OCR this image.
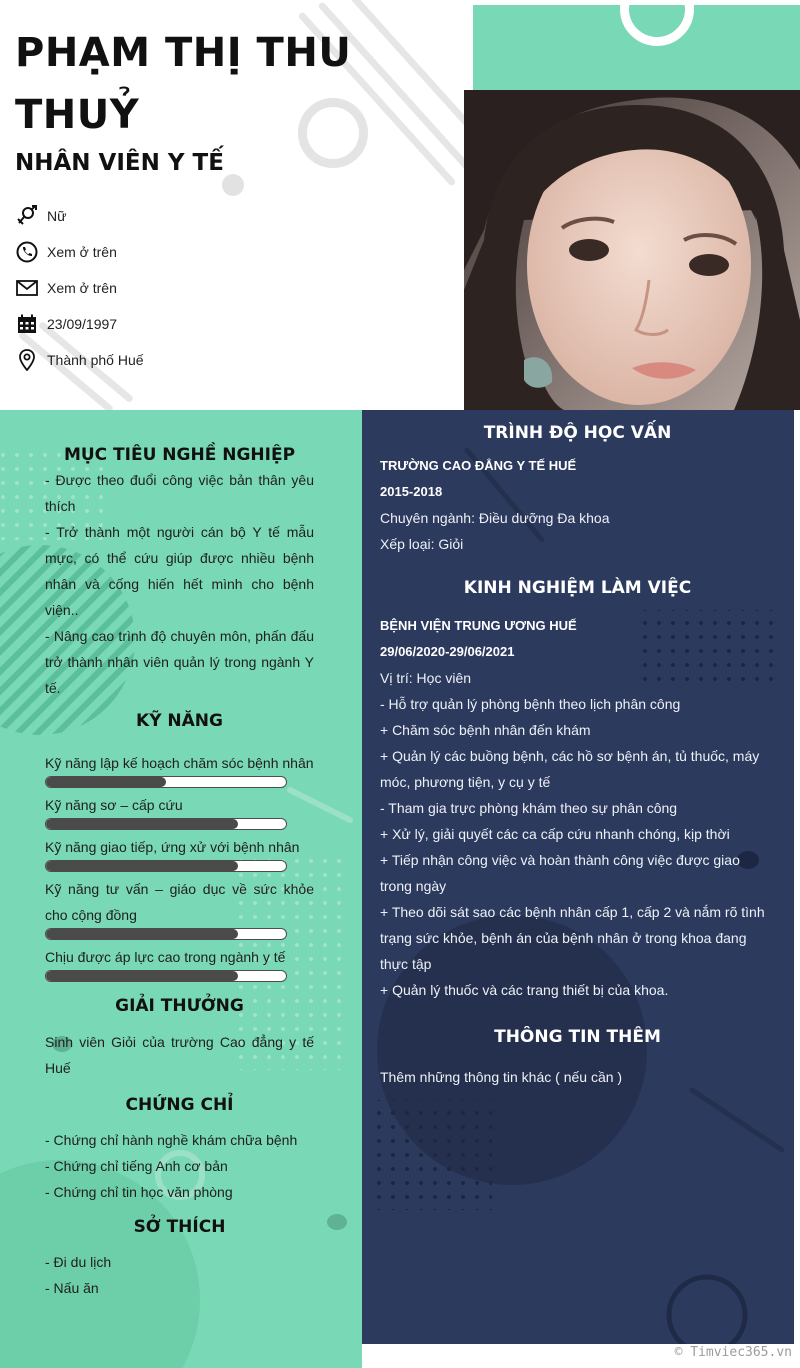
PHẠM THỊ THU THUỶ
NHÂN VIÊN Y TẾ
Nữ
Xem ở trên
Xem ở trên
23/09/1997
Thành phố Huế
MỤC TIÊU NGHỀ NGHIỆP
- Được theo đuổi công việc bản thân yêu thích
- Trở thành một người cán bộ Y tế mẫu mực, có thể cứu giúp được nhiều bệnh nhân và cống hiến hết mình cho bệnh viện..
- Nâng cao trình độ chuyên môn, phấn đấu trở thành nhân viên quản lý trong ngành Y tế.
KỸ NĂNG
Kỹ năng lập kế hoạch chăm sóc bệnh nhân
Kỹ năng sơ – cấp cứu
Kỹ năng giao tiếp, ứng xử với bệnh nhân
Kỹ năng tư vấn – giáo dục về sức khỏe cho cộng đồng
Chịu được áp lực cao trong ngành y tế
GIẢI THƯỞNG
Sinh viên Giỏi của trường Cao đẳng y tế Huế
CHỨNG CHỈ
- Chứng chỉ hành nghề khám chữa bệnh
- Chứng chỉ tiếng Anh cơ bản
- Chứng chỉ tin học văn phòng
SỞ THÍCH
- Đi du lịch
- Nấu ăn
TRÌNH ĐỘ HỌC VẤN
TRƯỜNG CAO ĐẲNG Y TẾ HUẾ
2015-2018
Chuyên ngành: Điều dưỡng Đa khoa
Xếp loại: Giỏi
KINH NGHIỆM LÀM VIỆC
BỆNH VIỆN TRUNG ƯƠNG HUẾ
29/06/2020-29/06/2021
Vị trí: Học viên
- Hỗ trợ quản lý phòng bệnh theo lịch phân công
+ Chăm sóc bệnh nhân đến khám
+ Quản lý các buồng bệnh, các hồ sơ bệnh án, tủ thuốc, máy móc, phương tiện, y cụ y tế
- Tham gia trực phòng khám theo sự phân công
+ Xử lý, giải quyết các ca cấp cứu nhanh chóng, kịp thời
+ Tiếp nhận công việc và hoàn thành công việc được giao trong ngày
+ Theo dõi sát sao các bệnh nhân cấp 1, cấp 2 và nắm rõ tình trạng sức khỏe, bệnh án của bệnh nhân ở trong khoa đang thực tập
+ Quản lý thuốc và các trang thiết bị của khoa.
THÔNG TIN THÊM
Thêm những thông tin khác ( nếu cần )
© Timviec365.vn
